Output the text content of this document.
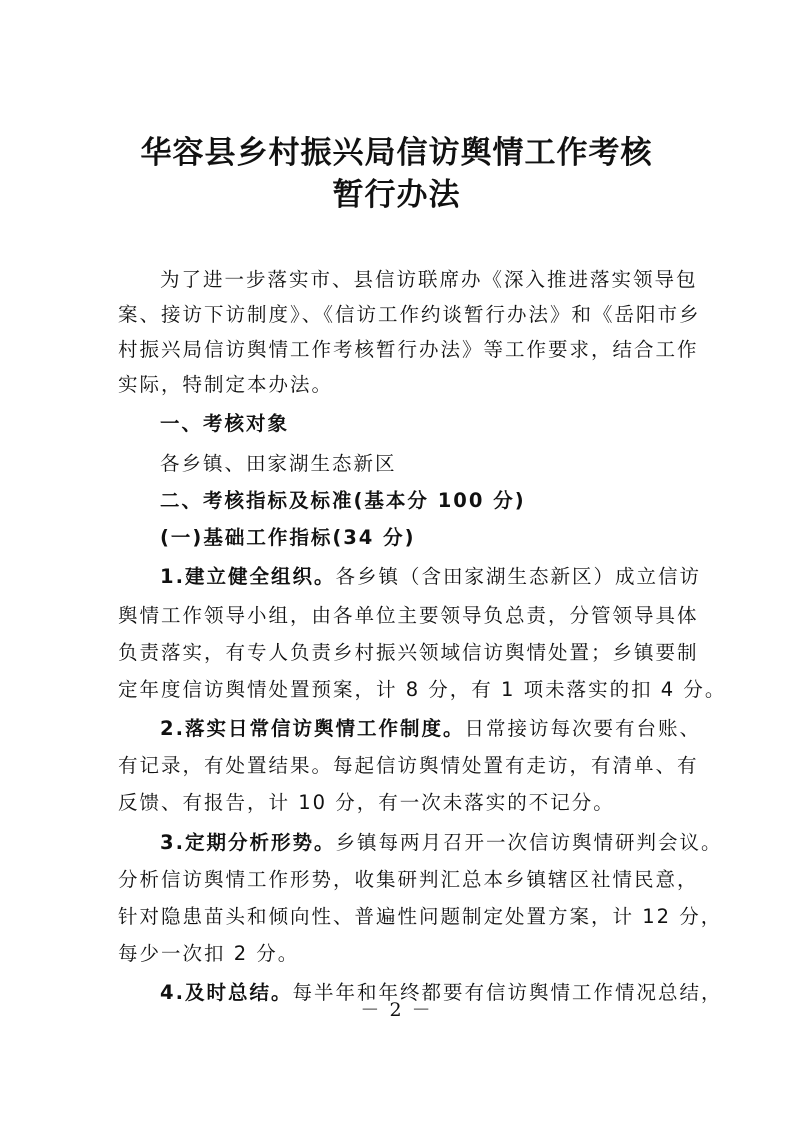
华容县乡村振兴局信访舆情工作考核
暂行办法
为了进一步落实市、县信访联席办《深入推进落实领导包
案、接访下访制度》、《信访工作约谈暂行办法》和《岳阳市乡
村振兴局信访舆情工作考核暂行办法》等工作要求，结合工作
实际，特制定本办法。
一、考核对象
各乡镇、田家湖生态新区
二、考核指标及标准(基本分 100 分)
(一)基础工作指标(34 分)
1.建立健全组织。各乡镇（含田家湖生态新区）成立信访
舆情工作领导小组，由各单位主要领导负总责，分管领导具体
负责落实，有专人负责乡村振兴领域信访舆情处置；乡镇要制
定年度信访舆情处置预案，计 8 分，有 1 项未落实的扣 4 分。
2.落实日常信访舆情工作制度。日常接访每次要有台账、
有记录，有处置结果。每起信访舆情处置有走访，有清单、有
反馈、有报告，计 10 分，有一次未落实的不记分。
3.定期分析形势。乡镇每两月召开一次信访舆情研判会议。
分析信访舆情工作形势，收集研判汇总本乡镇辖区社情民意，
针对隐患苗头和倾向性、普遍性问题制定处置方案，计 12 分，
每少一次扣 2 分。
4.及时总结。每半年和年终都要有信访舆情工作情况总结，
－ 2 －
